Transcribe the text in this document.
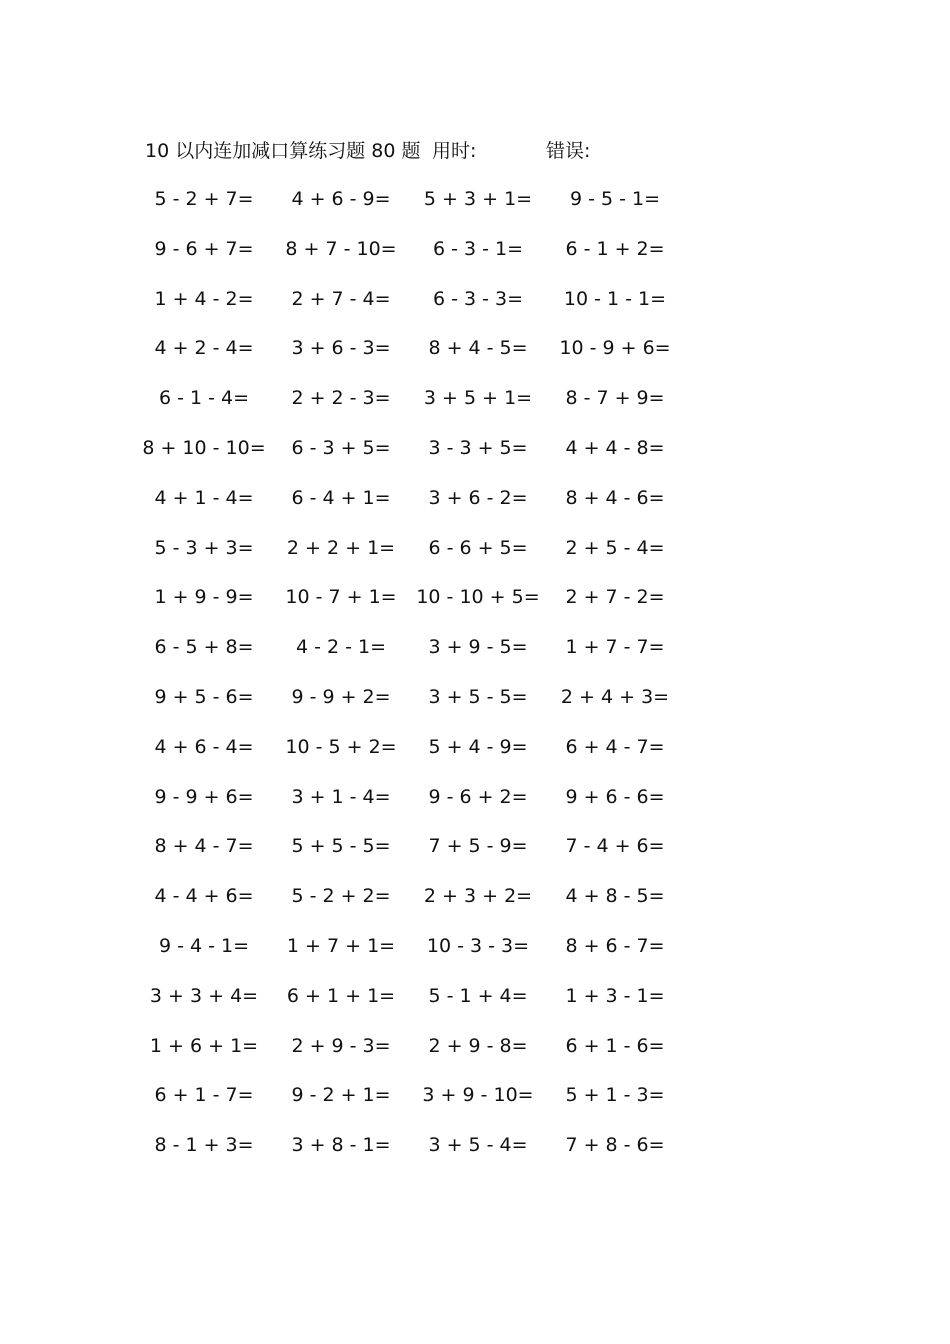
10 以内连加减口算练习题 80 题 用时:	错误:
5 - 2 + 7=	4 + 6 - 9=	5 + 3 + 1=	9 - 5 - 1=
9 - 6 + 7=	8 + 7 - 10=	6 - 3 - 1=	6 - 1 + 2=
1 + 4 - 2=	2 + 7 - 4=	6 - 3 - 3=	10 - 1 - 1=
4 + 2 - 4=	3 + 6 - 3=	8 + 4 - 5=	10 - 9 + 6=
6 - 1 - 4=	2 + 2 - 3=	3 + 5 + 1=	8 - 7 + 9=
8 + 10 - 10=	6 - 3 + 5=	3 - 3 + 5=	4 + 4 - 8=
4 + 1 - 4=	6 - 4 + 1=	3 + 6 - 2=	8 + 4 - 6=
5 - 3 + 3=	2 + 2 + 1=	6 - 6 + 5=	2 + 5 - 4=
1 + 9 - 9=	10 - 7 + 1=	10 - 10 + 5=	2 + 7 - 2=
6 - 5 + 8=	4 - 2 - 1=	3 + 9 - 5=	1 + 7 - 7=
9 + 5 - 6=	9 - 9 + 2=	3 + 5 - 5=	2 + 4 + 3=
4 + 6 - 4=	10 - 5 + 2=	5 + 4 - 9=	6 + 4 - 7=
9 - 9 + 6=	3 + 1 - 4=	9 - 6 + 2=	9 + 6 - 6=
8 + 4 - 7=	5 + 5 - 5=	7 + 5 - 9=	7 - 4 + 6=
4 - 4 + 6=	5 - 2 + 2=	2 + 3 + 2=	4 + 8 - 5=
9 - 4 - 1=	1 + 7 + 1=	10 - 3 - 3=	8 + 6 - 7=
3 + 3 + 4=	6 + 1 + 1=	5 - 1 + 4=	1 + 3 - 1=
1 + 6 + 1=	2 + 9 - 3=	2 + 9 - 8=	6 + 1 - 6=
6 + 1 - 7=	9 - 2 + 1=	3 + 9 - 10=	5 + 1 - 3=
8 - 1 + 3=	3 + 8 - 1=	3 + 5 - 4=	7 + 8 - 6=
